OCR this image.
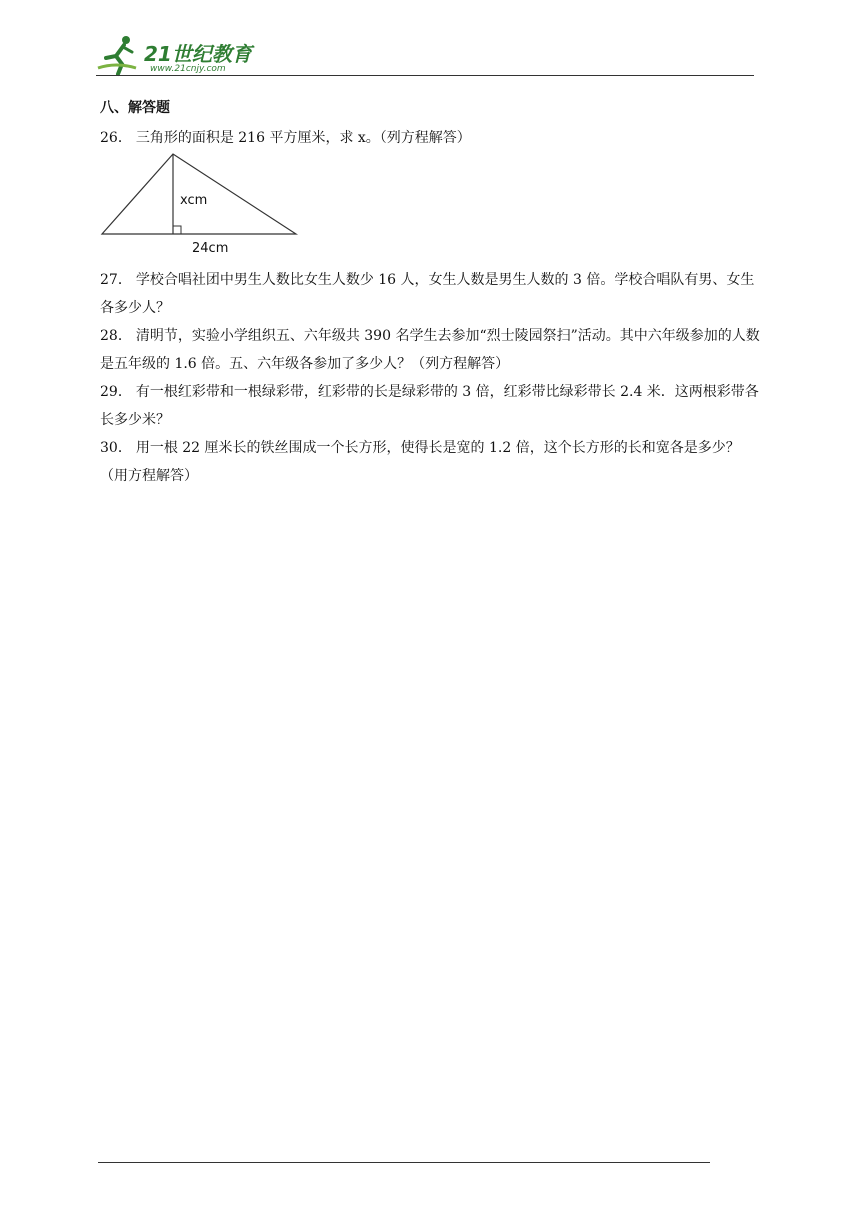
21世纪教育
www.21cnjy.com
八、解答题

26． 三角形的面积是 216 平方厘米，求 x。（列方程解答）

xcm
24cm

27． 学校合唱社团中男生人数比女生人数少 16 人，女生人数是男生人数的 3 倍。学校合唱队有男、女生各多少人？

28． 清明节，实验小学组织五、六年级共 390 名学生去参加“烈士陵园祭扫”活动。其中六年级参加的人数是五年级的 1.6 倍。五、六年级各参加了多少人？（列方程解答）

29． 有一根红彩带和一根绿彩带，红彩带的长是绿彩带的 3 倍，红彩带比绿彩带长 2.4 米．这两根彩带各长多少米？

30． 用一根 22 厘米长的铁丝围成一个长方形，使得长是宽的 1.2 倍，这个长方形的长和宽各是多少？（用方程解答）
